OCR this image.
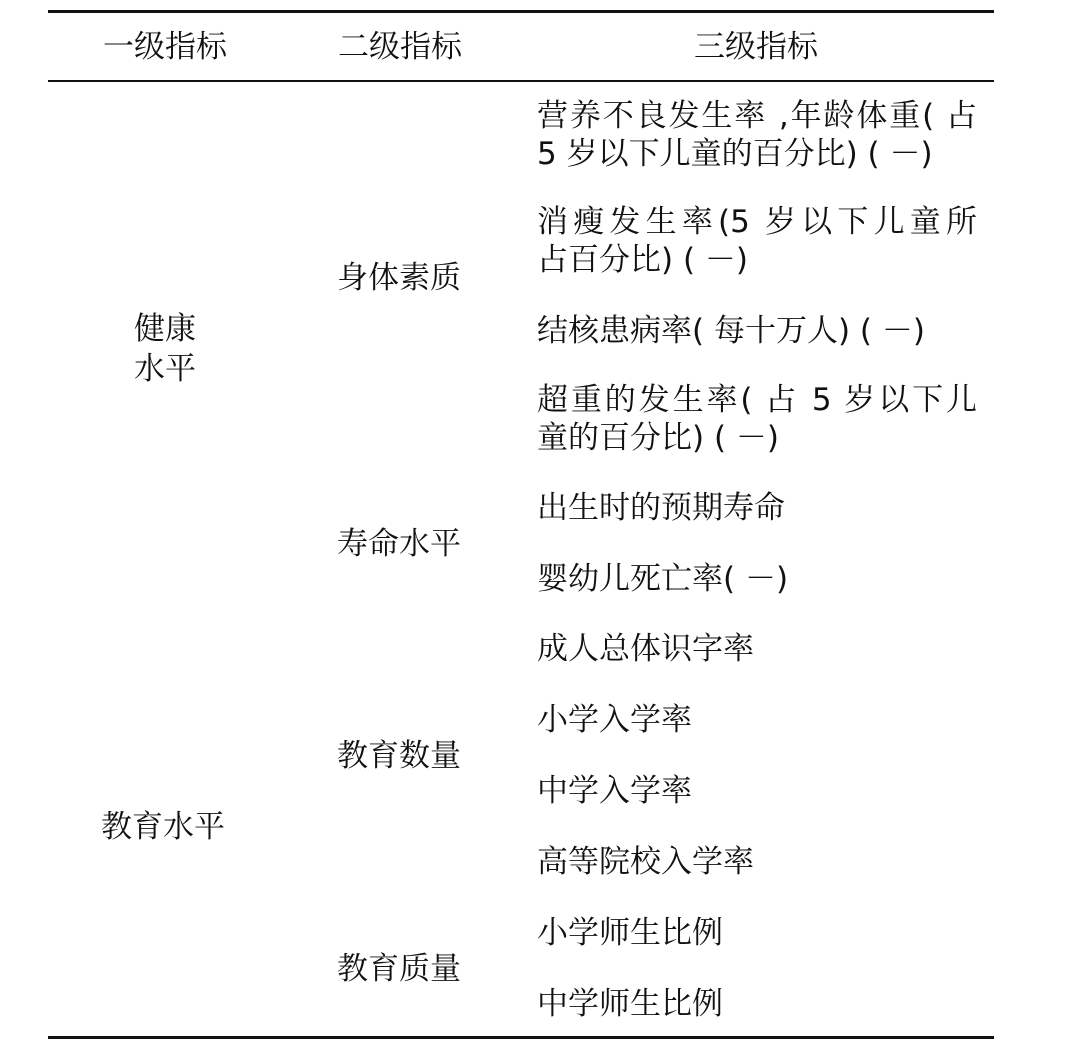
一级指标	二级指标	三级指标
健康
水平
教育水平
身体素质
寿命水平
教育数量
教育质量
营养不良发生率 ,年龄体重( 占
5 岁以下儿童的百分比) ( －)
消瘦发生率(5 岁以下儿童所
占百分比) ( －)
结核患病率( 每十万人) ( －)
超重的发生率( 占 5 岁以下儿
童的百分比) ( －)
出生时的预期寿命
婴幼儿死亡率( －)
成人总体识字率
小学入学率
中学入学率
高等院校入学率
小学师生比例
中学师生比例
